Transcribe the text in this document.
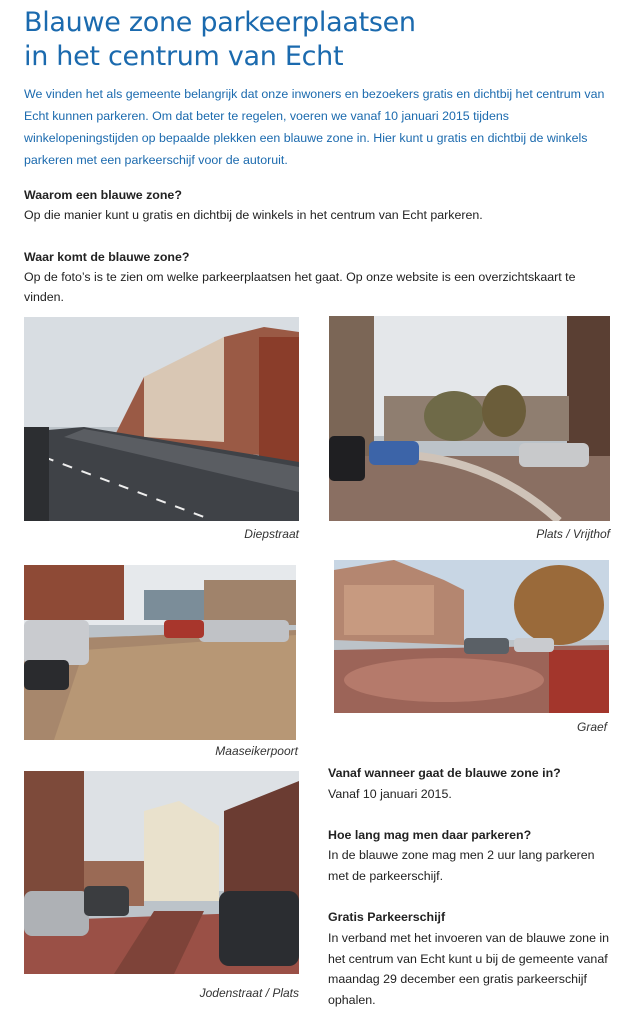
Blauwe zone parkeerplaatsen
in het centrum van Echt

We vinden het als gemeente belangrijk dat onze inwoners en bezoekers gratis en dichtbij het centrum van Echt kunnen parkeren. Om dat beter te regelen, voeren we vanaf 10 januari 2015 tijdens winkelopeningstijden op bepaalde plekken een blauwe zone in. Hier kunt u gratis en dichtbij de winkels parkeren met een parkeerschijf voor de autoruit.

Waarom een blauwe zone?

Op die manier kunt u gratis en dichtbij de winkels in het centrum van Echt parkeren.

Waar komt de blauwe zone?

Op de foto’s is te zien om welke parkeerplaatsen het gaat. Op onze website is een overzichtskaart te vinden.

Diepstraat	Plats / Vrijthof
Maaseikerpoort
Graef
Jodenstraat / Plats

Vanaf wanneer gaat de blauwe zone in?

Vanaf 10 januari 2015.

Hoe lang mag men daar parkeren?

In de blauwe zone mag men 2 uur lang parkeren met de parkeerschijf.

Gratis Parkeerschijf

In verband met het invoeren van de blauwe zone in het centrum van Echt kunt u bij de gemeente vanaf maandag 29 december een gratis parkeerschijf ophalen.
